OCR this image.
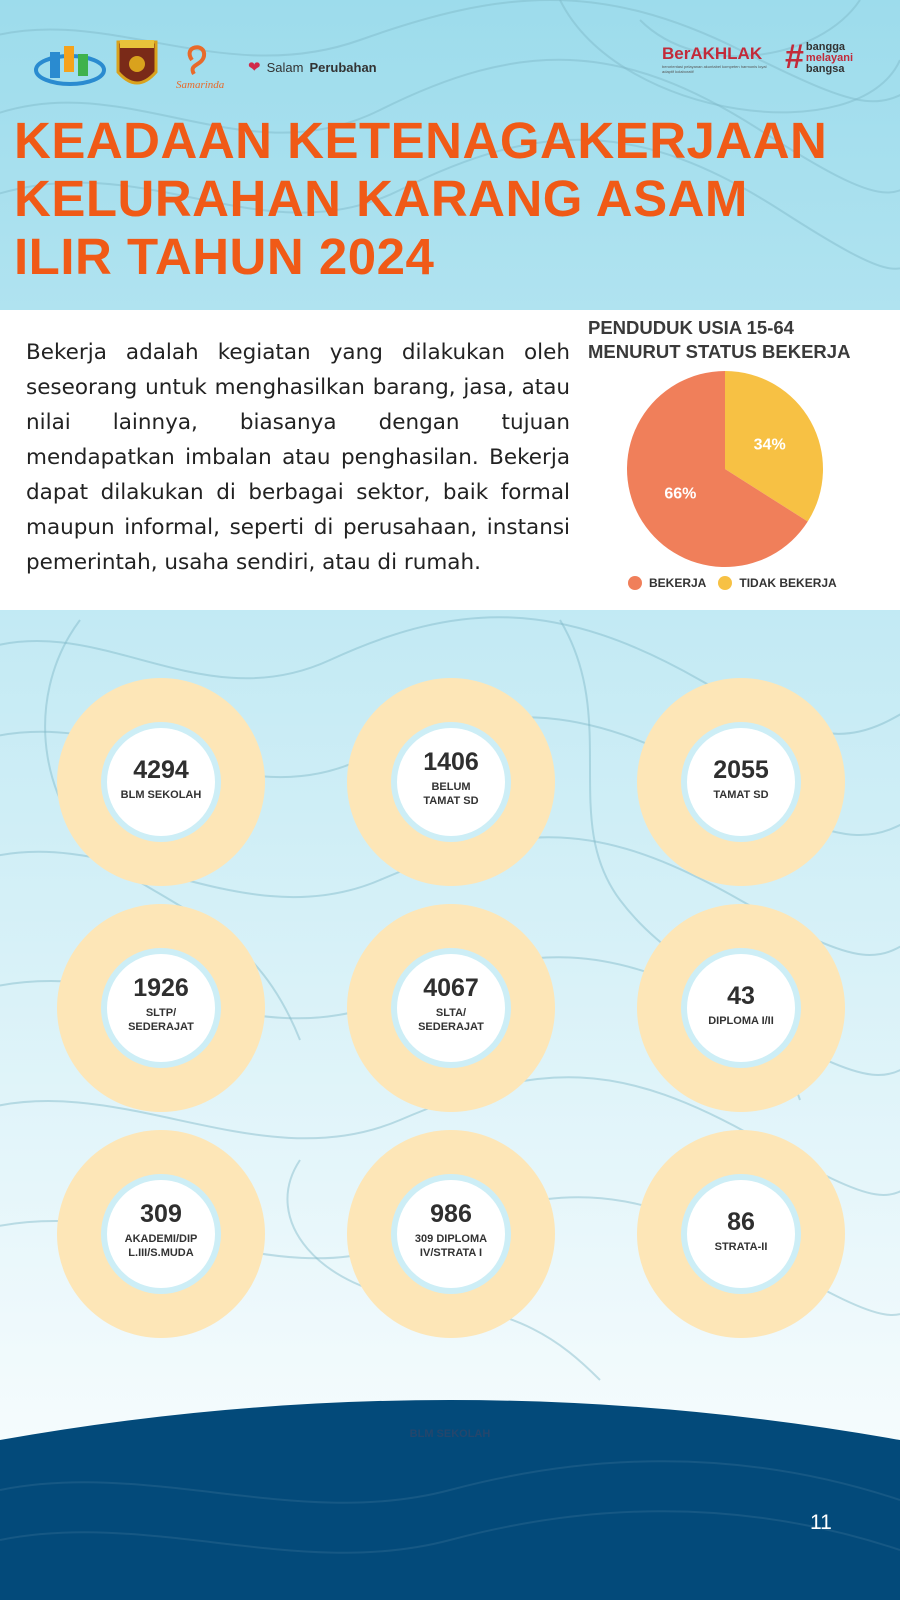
Samarinda
❤ Salam Perubahan
BerAKHLAK
berorientasi pelayanan akuntabel kompeten harmonis loyal adaptif kolaboratif	# bangga
melayani
bangsa
KEADAAN KETENAGAKERJAAN
KELURAHAN KARANG ASAM
ILIR TAHUN 2024
Bekerja adalah kegiatan yang dilakukan oleh seseorang untuk menghasilkan barang, jasa, atau nilai lainnya, biasanya dengan tujuan mendapatkan imbalan atau penghasilan. Bekerja dapat dilakukan di berbagai sektor, baik formal maupun informal, seperti di perusahaan, instansi pemerintah, usaha sendiri, atau di rumah.
PENDUDUK USIA 15-64
MENURUT STATUS BEKERJA
34%
66%
BEKERJA	TIDAK BEKERJA
4294
BLM SEKOLAH
1406
BELUM
TAMAT SD
2055
TAMAT SD
1926
SLTP/
SEDERAJAT
4067
SLTA/
SEDERAJAT
43
DIPLOMA I/II
309
AKADEMI/DIP
L.III/S.MUDA
986
309 DIPLOMA
IV/STRATA I
86
STRATA-II
BLM SEKOLAH
11
